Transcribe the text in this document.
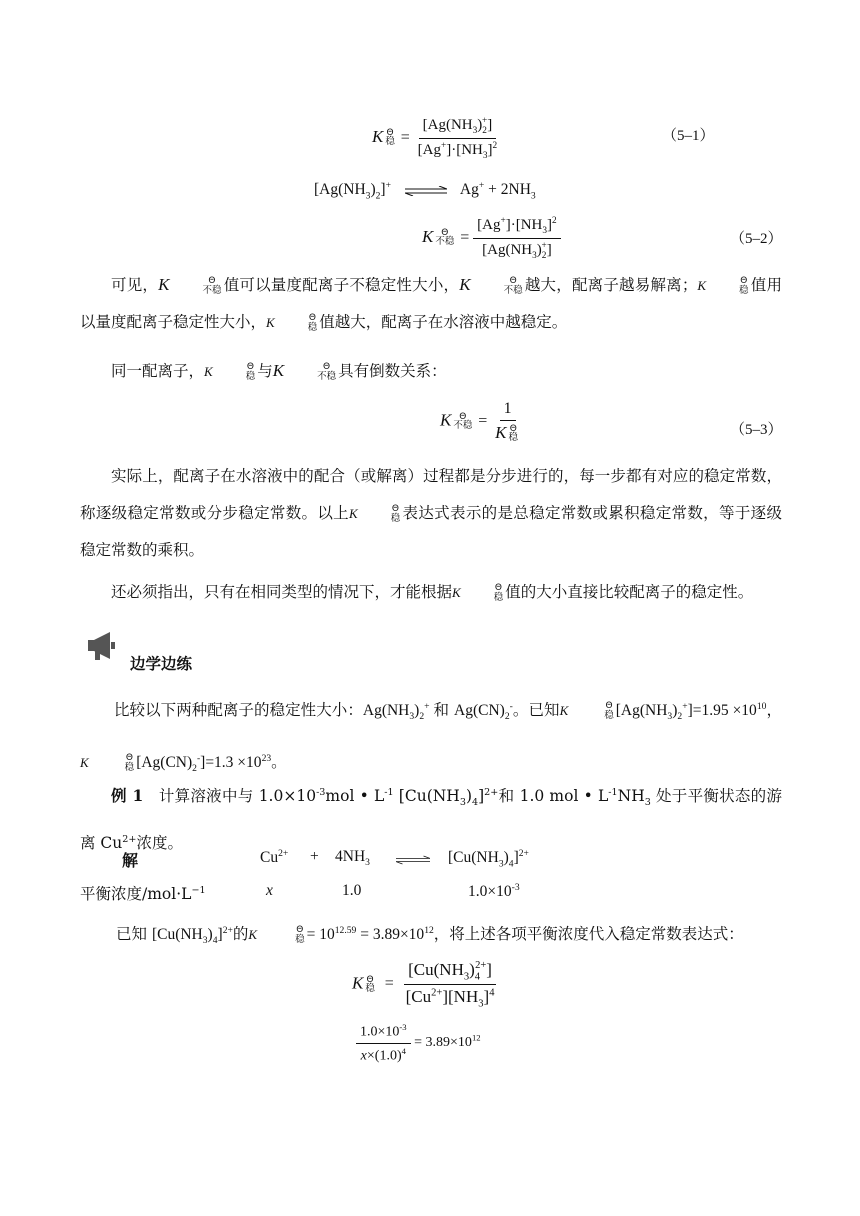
K Θ
稳 = $\frac{[Ag(NH_3)_2^+]}{[Ag^+]\cdot[NH_3]^2}$	（5–1）
$[Ag(NH_3)_2]^+$ ⇌ $Ag^+ + 2NH_3$
K Θ
不稳 = $\frac{[Ag^+]\cdot[NH_3]^2}{[Ag(NH_3)_2^+]}$	（5–2）
可见，K	Θ
不稳 值可以量度配离子不稳定性大小，K	Θ
不稳 越大，配离子越易解离；K	Θ
稳 值用以量度配离子稳定性大小，K	Θ
稳 值越大，配离子在水溶液中越稳定。
同一配离子，K	Θ
稳 与K	Θ
不稳 具有倒数关系：
K Θ
不稳 = 1
K Θ
稳	（5–3）
实际上，配离子在水溶液中的配合（或解离）过程都是分步进行的，每一步都有对应的稳定常数，称逐级稳定常数或分步稳定常数。以上K	Θ
稳 表达式表示的是总稳定常数或累积稳定常数，等于逐级稳定常数的乘积。
还必须指出，只有在相同类型的情况下，才能根据K	Θ
稳 值的大小直接比较配离子的稳定性。
边学边练
比较以下两种配离子的稳定性大小：$Ag(NH_3)_2^+$ 和 $Ag(CN)_2^-$。已知K	Θ
稳 $[Ag(NH_3)_2^+]=1.95 \times 10^{10}$，K	Θ
稳 $[Ag(CN)_2^-]=1.3 \times 10^{23}$。
例 1   计算溶液中与 $1.0\times 10^{-3}mol$ • $L^{-1}$ $[Cu(NH_3)_4]^{2+}$和 1.0 mol • $L^{-1}NH_3$ 处于平衡状态的游离 $Cu^{2+}$浓度。
解	$Cu^{2+} + 4NH_3$ ⇌ $[Cu(NH_3)_4]^{2+}$
平衡浓度$/mol\cdot L^{-1}$	x	1.0	$1.0\times 10^{-3}$
已知 $[Cu(NH_3)_4]^{2+}$的K	Θ
稳 = $10^{12.59} = 3.89\times 10^{12}$，将上述各项平衡浓度代入稳定常数表达式：
K Θ
稳 = $\frac{[Cu(NH_3)_4^{2+}]}{[Cu^{2+}][NH_3]^4}$
$\frac{1.0\times 10^{-3}}{x\times(1.0)^4} = 3.89\times 10^{12}$
